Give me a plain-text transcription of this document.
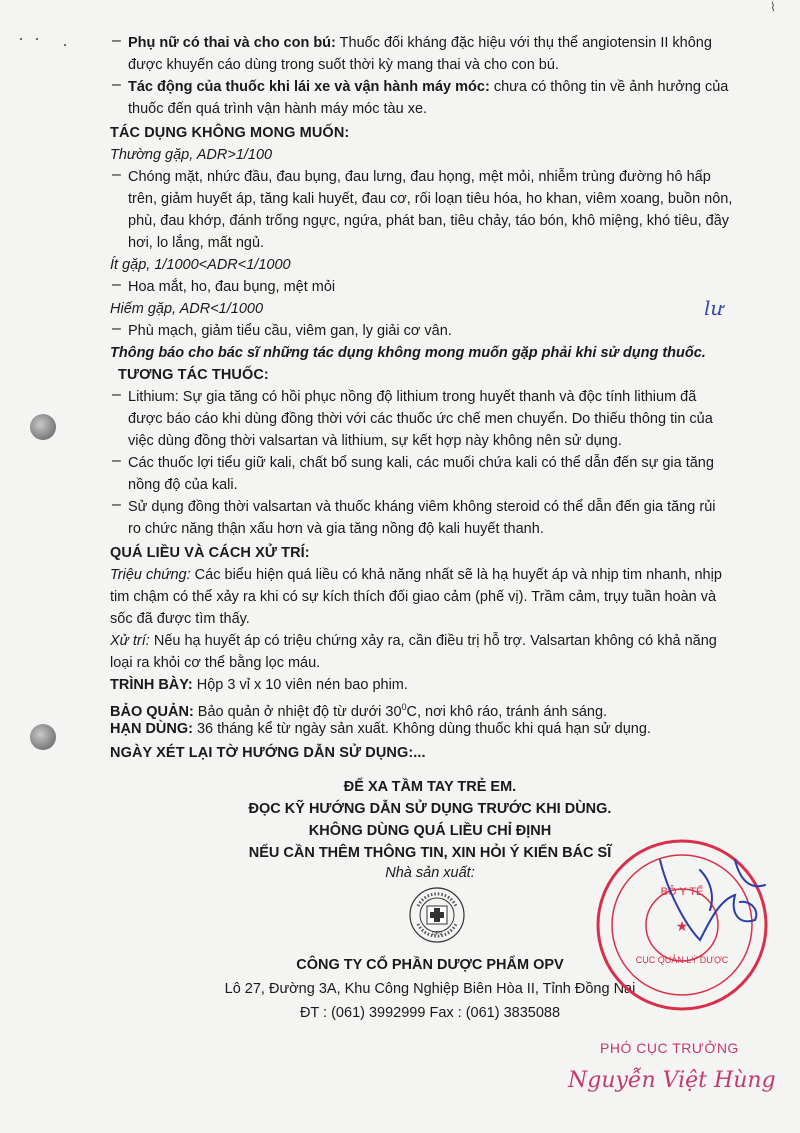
·  · ·
⌇
– Phụ nữ có thai và cho con bú: Thuốc đối kháng đặc hiệu với thụ thể angiotensin II không
được khuyến cáo dùng trong suốt thời kỳ mang thai và cho con bú.
– Tác động của thuốc khi lái xe và vận hành máy móc: chưa có thông tin về ảnh hưởng của
thuốc đến quá trình vận hành máy móc tàu xe.
TÁC DỤNG KHÔNG MONG MUỐN:
Thường gặp, ADR>1/100
– Chóng mặt, nhức đầu, đau bụng, đau lưng, đau họng, mệt mỏi, nhiễm trùng đường hô hấp
trên, giảm huyết áp, tăng kali huyết, đau cơ, rối loạn tiêu hóa, ho khan, viêm xoang, buồn nôn,
phù, đau khớp, đánh trống ngực, ngứa, phát ban, tiêu chảy, táo bón, khô miệng, khó tiêu, đầy
hơi, lo lắng, mất ngủ.
Ít gặp, 1/1000<ADR<1/1000
– Hoa mắt, ho, đau bụng, mệt mỏi
Hiếm gặp, ADR<1/1000
– Phù mạch, giảm tiểu cầu, viêm gan, ly giải cơ vân.
Thông báo cho bác sĩ những tác dụng không mong muốn gặp phải khi sử dụng thuốc.
lư
TƯƠNG TÁC THUỐC:
– Lithium: Sự gia tăng có hồi phục nồng độ lithium trong huyết thanh và độc tính lithium đã
được báo cáo khi dùng đồng thời với các thuốc ức chế men chuyển. Do thiếu thông tin của
việc dùng đồng thời valsartan và lithium, sự kết hợp này không nên sử dụng.
– Các thuốc lợi tiểu giữ kali, chất bổ sung kali, các muối chứa kali có thể dẫn đến sự gia tăng
nồng độ của kali.
– Sử dụng đồng thời valsartan và thuốc kháng viêm không steroid có thể dẫn đến gia tăng rủi
ro chức năng thận xấu hơn và gia tăng nồng độ kali huyết thanh.
QUÁ LIỀU VÀ CÁCH XỬ TRÍ:
Triệu chứng: Các biểu hiện quá liều có khả năng nhất sẽ là hạ huyết áp và nhịp tim nhanh, nhịp
tim chậm có thể xảy ra khi có sự kích thích đối giao cảm (phế vị). Trầm cảm, trụy tuần hoàn và
sốc đã được tìm thấy.
Xử trí: Nếu hạ huyết áp có triệu chứng xảy ra, cần điều trị hỗ trợ. Valsartan không có khả năng
loại ra khỏi cơ thể bằng lọc máu.
TRÌNH BÀY: Hộp 3 vỉ x 10 viên nén bao phim.
BẢO QUẢN: Bảo quản ở nhiệt độ từ dưới $30^0C$, nơi khô ráo, tránh ánh sáng.
HẠN DÙNG: 36 tháng kể từ ngày sản xuất. Không dùng thuốc khi quá hạn sử dụng.
NGÀY XÉT LẠI TỜ HƯỚNG DẪN SỬ DỤNG:...
ĐỂ XA TẦM TAY TRẺ EM.
ĐỌC KỸ HƯỚNG DẪN SỬ DỤNG TRƯỚC KHI DÙNG.
KHÔNG DÙNG QUÁ LIỀU CHỈ ĐỊNH
NẾU CẦN THÊM THÔNG TIN, XIN HỎI Ý KIẾN BÁC SĨ
Nhà sản xuất:
OPV
CÔNG TY CỔ PHẦN DƯỢC PHẨM OPV
Lô 27, Đường 3A, Khu Công Nghiệp Biên Hòa II, Tỉnh Đồng Nai
ĐT : (061) 3992999 Fax : (061) 3835088
BỘ Y TẾ
CỤC QUẢN LÝ DƯỢC
★
PHÓ CỤC TRƯỞNG
Nguyễn Việt Hùng
